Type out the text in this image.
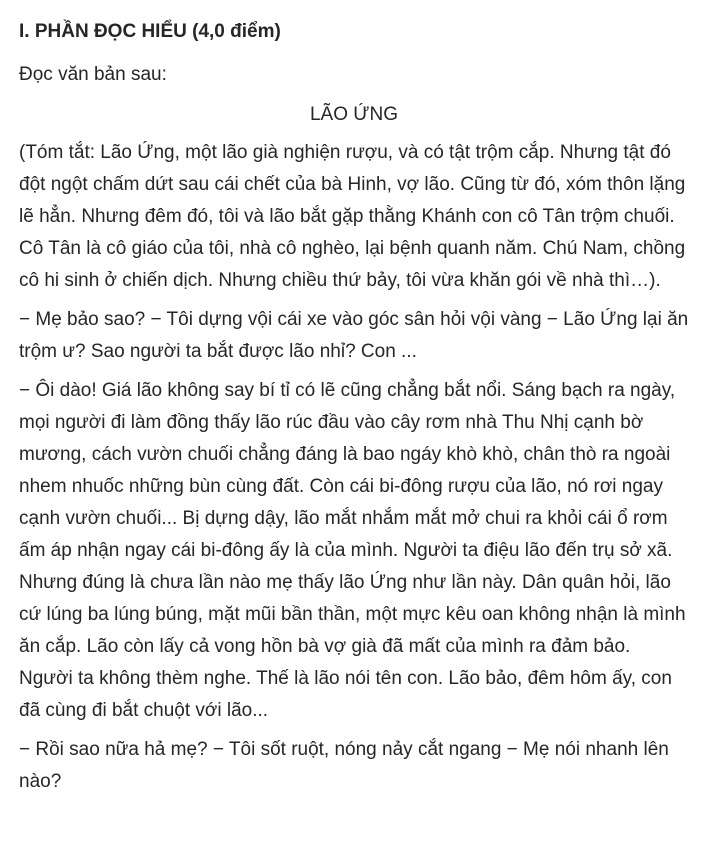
I. PHẦN ĐỌC HIỂU (4,0 điểm)
Đọc văn bản sau:
LÃO ỨNG
(Tóm tắt: Lão Ứng, một lão già nghiện rượu, và có tật trộm cắp. Nhưng tật đó đột ngột chấm dứt sau cái chết của bà Hinh, vợ lão. Cũng từ đó, xóm thôn lặng lẽ hẳn. Nhưng đêm đó, tôi và lão bắt gặp thằng Khánh con cô Tân trộm chuối. Cô Tân là cô giáo của tôi, nhà cô nghèo, lại bệnh quanh năm. Chú Nam, chồng cô hi sinh ở chiến dịch. Nhưng chiều thứ bảy, tôi vừa khăn gói về nhà thì…).
− Mẹ bảo sao? − Tôi dựng vội cái xe vào góc sân hỏi vội vàng − Lão Ứng lại ăn trộm ư? Sao người ta bắt được lão nhỉ? Con ...
− Ôi dào! Giá lão không say bí tỉ có lẽ cũng chẳng bắt nổi. Sáng bạch ra ngày, mọi người đi làm đồng thấy lão rúc đầu vào cây rơm nhà Thu Nhị cạnh bờ mương, cách vườn chuối chẳng đáng là bao ngáy khò khò, chân thò ra ngoài nhem nhuốc những bùn cùng đất. Còn cái bi-đông rượu của lão, nó rơi ngay cạnh vườn chuối... Bị dựng dậy, lão mắt nhắm mắt mở chui ra khỏi cái ổ rơm ấm áp nhận ngay cái bi-đông ấy là của mình. Người ta điệu lão đến trụ sở xã. Nhưng đúng là chưa lần nào mẹ thấy lão Ứng như lần này. Dân quân hỏi, lão cứ lúng ba lúng búng, mặt mũi bần thần, một mực kêu oan không nhận là mình ăn cắp. Lão còn lấy cả vong hồn bà vợ già đã mất của mình ra đảm bảo. Người ta không thèm nghe. Thế là lão nói tên con. Lão bảo, đêm hôm ấy, con đã cùng đi bắt chuột với lão...
− Rồi sao nữa hả mẹ? − Tôi sốt ruột, nóng nảy cắt ngang − Mẹ nói nhanh lên nào?
